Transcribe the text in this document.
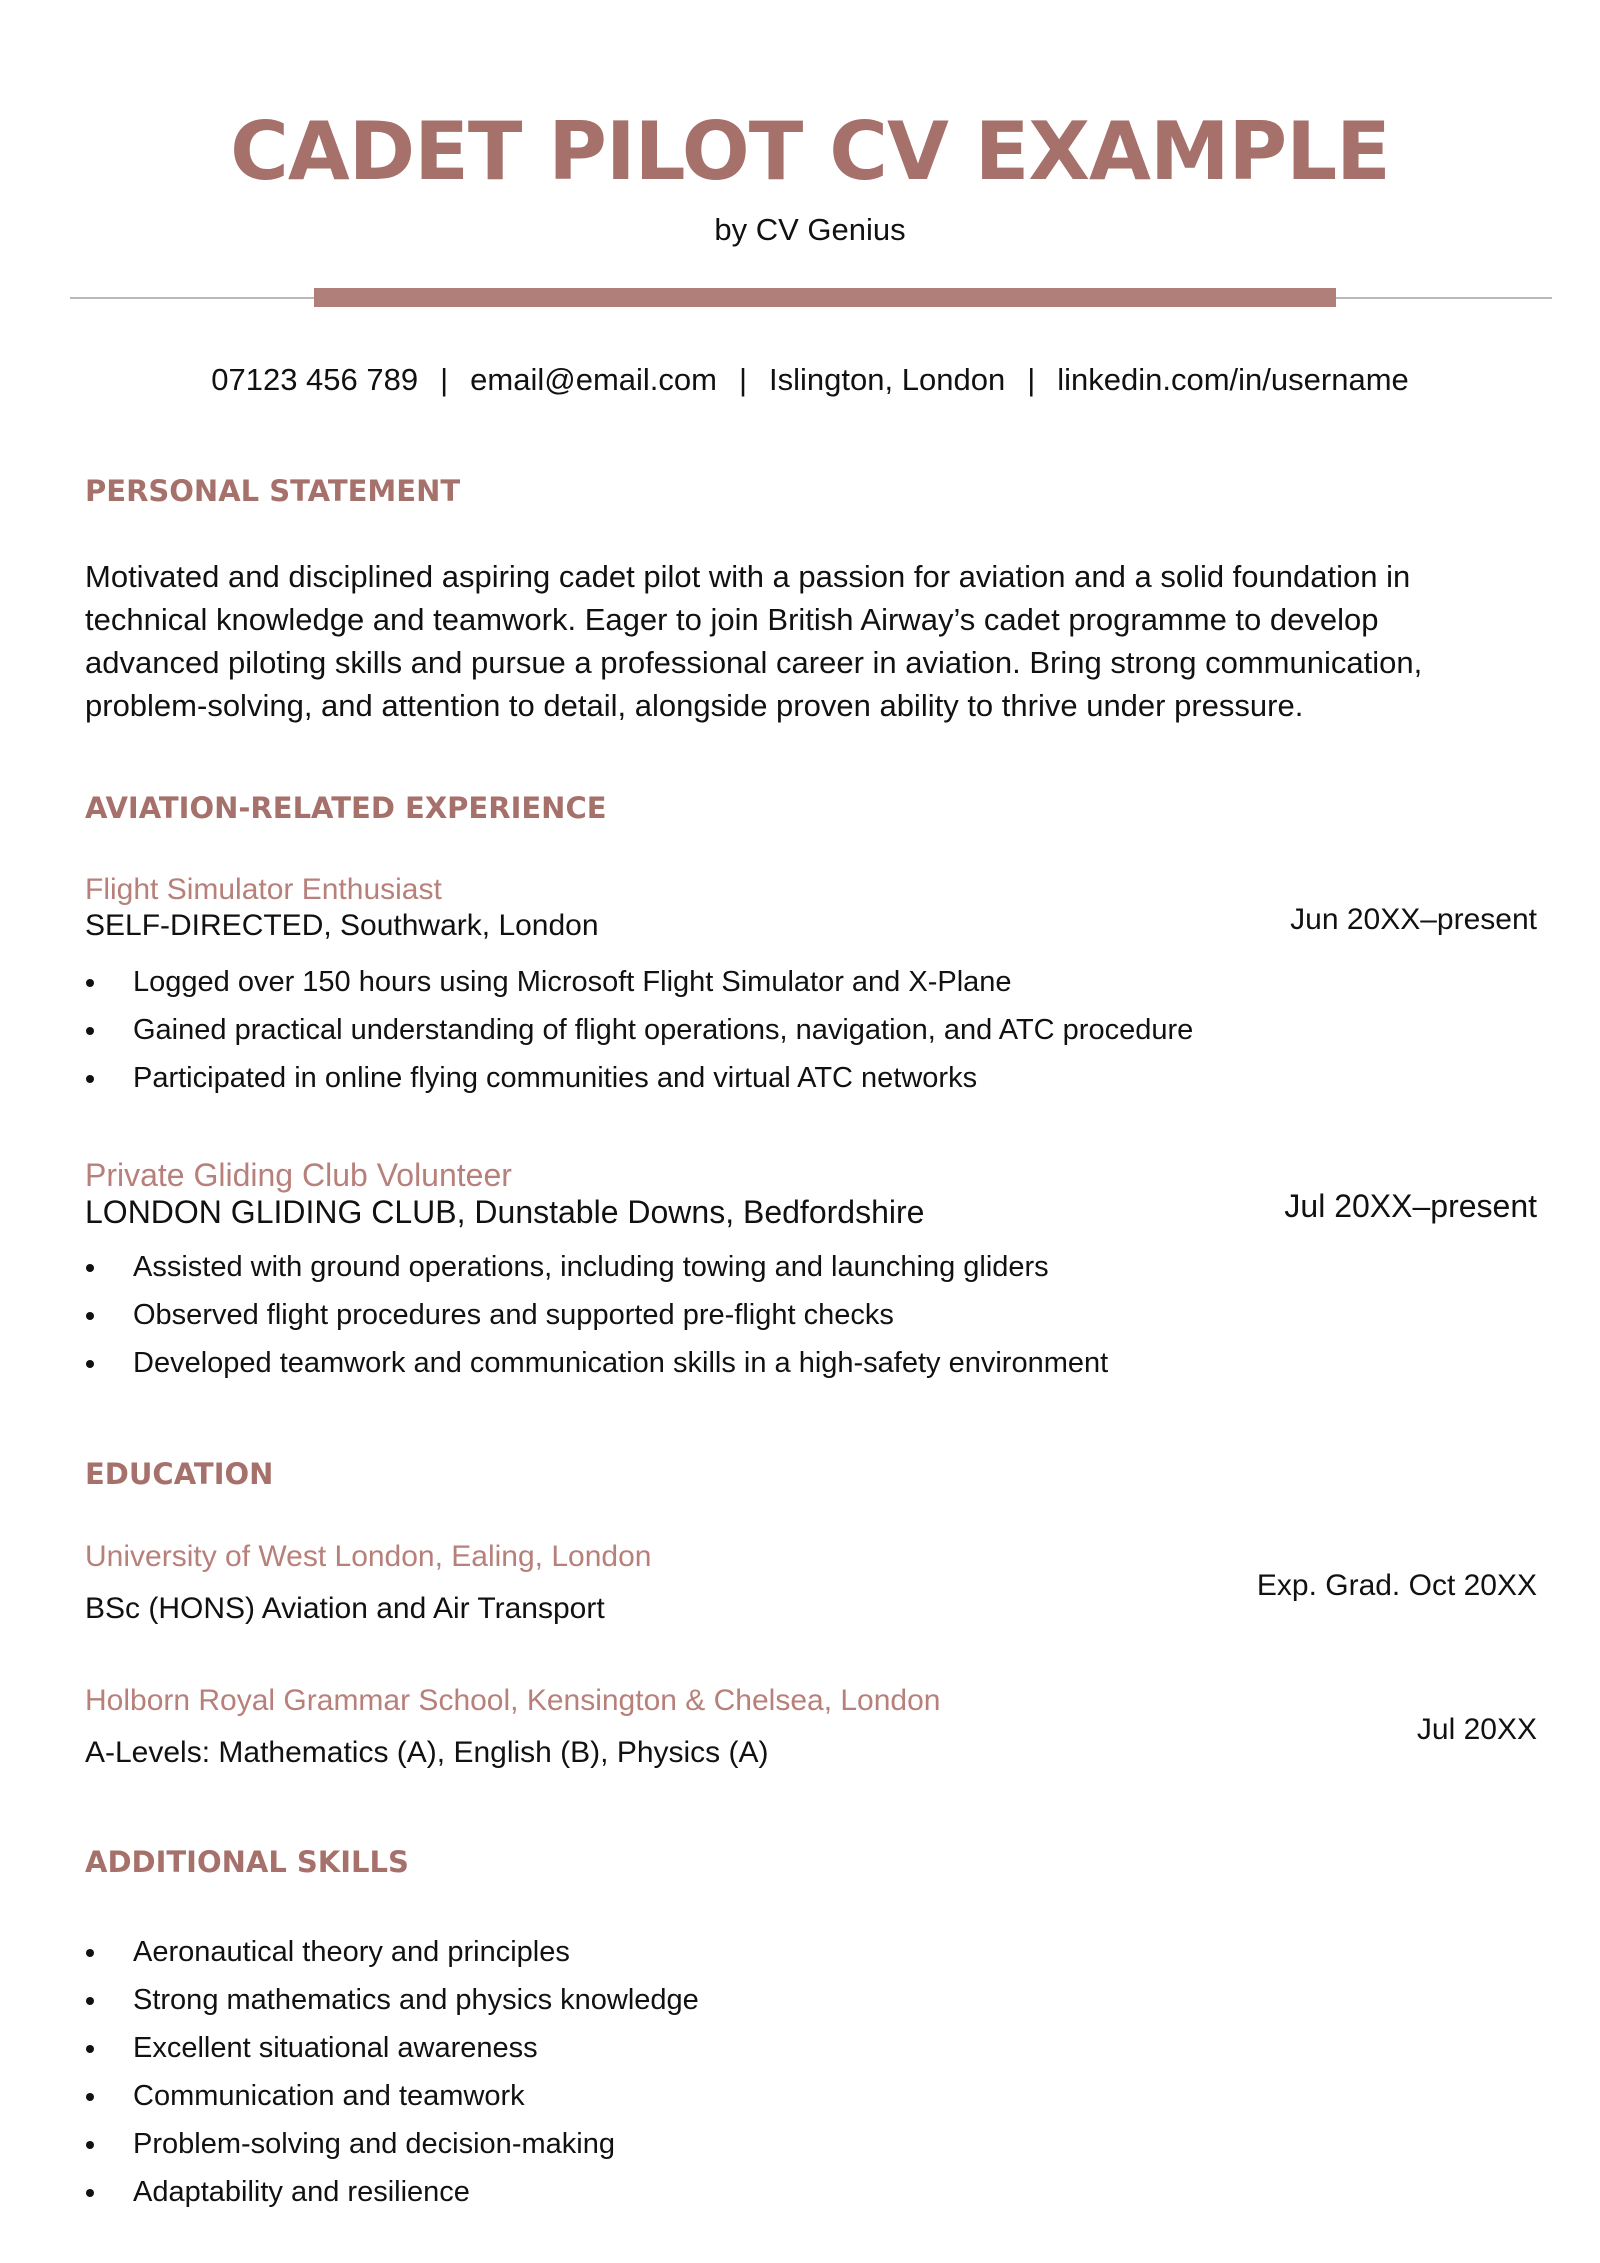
CADET PILOT CV EXAMPLE
by CV Genius
07123 456 789 | email@email.com | Islington, London | linkedin.com/in/username
PERSONAL STATEMENT
Motivated and disciplined aspiring cadet pilot with a passion for aviation and a solid foundation in
technical knowledge and teamwork. Eager to join British Airway’s cadet programme to develop
advanced piloting skills and pursue a professional career in aviation. Bring strong communication,
problem-solving, and attention to detail, alongside proven ability to thrive under pressure.
AVIATION-RELATED EXPERIENCE
Flight Simulator Enthusiast
SELF-DIRECTED, Southwark, London	Jun 20XX–present
Logged over 150 hours using Microsoft Flight Simulator and X-Plane
Gained practical understanding of flight operations, navigation, and ATC procedure
Participated in online flying communities and virtual ATC networks
Private Gliding Club Volunteer
LONDON GLIDING CLUB, Dunstable Downs, Bedfordshire	Jul 20XX–present
Assisted with ground operations, including towing and launching gliders
Observed flight procedures and supported pre-flight checks
Developed teamwork and communication skills in a high-safety environment
EDUCATION
University of West London, Ealing, London
BSc (HONS) Aviation and Air Transport
Exp. Grad. Oct 20XX
Holborn Royal Grammar School, Kensington & Chelsea, London
A-Levels: Mathematics (A), English (B), Physics (A)
Jul 20XX
ADDITIONAL SKILLS
Aeronautical theory and principles
Strong mathematics and physics knowledge
Excellent situational awareness
Communication and teamwork
Problem-solving and decision-making
Adaptability and resilience
